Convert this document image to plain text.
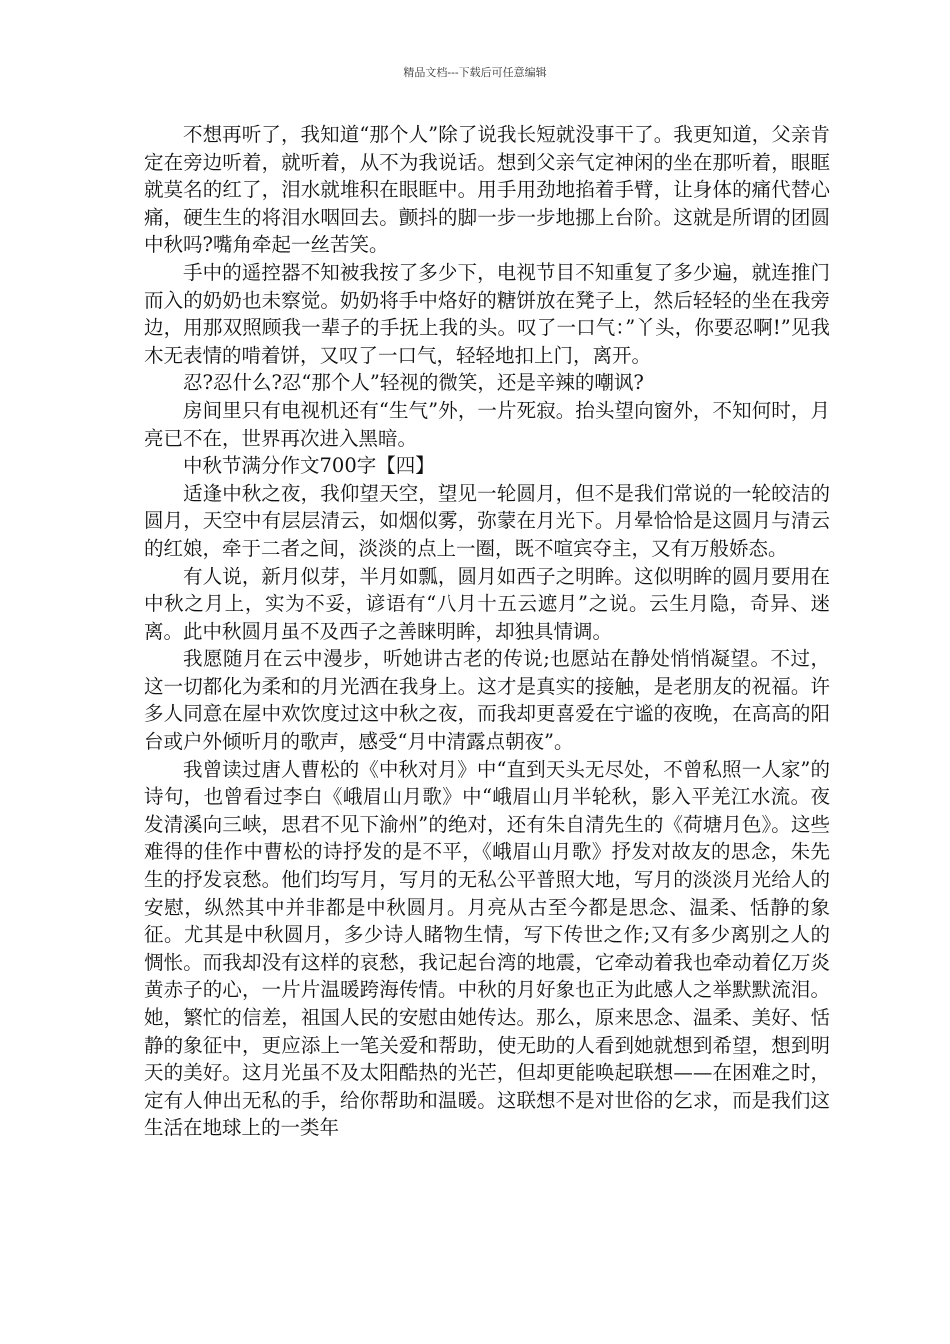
精品文档---下载后可任意编辑

不想再听了，我知道“那个人”除了说我长短就没事干了。我更知道，父亲肯定在旁边听着，就听着，从不为我说话。想到父亲气定神闲的坐在那听着，眼眶就莫名的红了，泪水就堆积在眼眶中。用手用劲地掐着手臂，让身体的痛代替心痛，硬生生的将泪水咽回去。颤抖的脚一步一步地挪上台阶。这就是所谓的团圆中秋吗?嘴角牵起一丝苦笑。

手中的遥控器不知被我按了多少下，电视节目不知重复了多少遍，就连推门而入的奶奶也未察觉。奶奶将手中烙好的糖饼放在凳子上，然后轻轻的坐在我旁边，用那双照顾我一辈子的手抚上我的头。叹了一口气：”丫头，你要忍啊!”见我木无表情的啃着饼，又叹了一口气，轻轻地扣上门，离开。

忍?忍什么?忍“那个人”轻视的微笑，还是辛辣的嘲讽?

房间里只有电视机还有“生气”外，一片死寂。抬头望向窗外，不知何时，月亮已不在，世界再次进入黑暗。

中秋节满分作文700字【四】

适逢中秋之夜，我仰望天空，望见一轮圆月，但不是我们常说的一轮皎洁的圆月，天空中有层层清云，如烟似雾，弥蒙在月光下。月晕恰恰是这圆月与清云的红娘，牵于二者之间，淡淡的点上一圈，既不喧宾夺主，又有万般娇态。

有人说，新月似芽，半月如瓢，圆月如西子之明眸。这似明眸的圆月要用在中秋之月上，实为不妥，谚语有“八月十五云遮月”之说。云生月隐，奇异、迷离。此中秋圆月虽不及西子之善睐明眸，却独具情调。

我愿随月在云中漫步，听她讲古老的传说;也愿站在静处悄悄凝望。不过，这一切都化为柔和的月光洒在我身上。这才是真实的接触，是老朋友的祝福。许多人同意在屋中欢饮度过这中秋之夜，而我却更喜爱在宁谧的夜晚，在高高的阳台或户外倾听月的歌声，感受“月中清露点朝夜”。

我曾读过唐人曹松的《中秋对月》中“直到天头无尽处，不曾私照一人家”的诗句，也曾看过李白《峨眉山月歌》中“峨眉山月半轮秋，影入平羌江水流。夜发清溪向三峡，思君不见下渝州”的绝对，还有朱自清先生的《荷塘月色》。这些难得的佳作中曹松的诗抒发的是不平，《峨眉山月歌》抒发对故友的思念，朱先生的抒发哀愁。他们均写月，写月的无私公平普照大地，写月的淡淡月光给人的安慰，纵然其中并非都是中秋圆月。月亮从古至今都是思念、温柔、恬静的象征。尤其是中秋圆月，多少诗人睹物生情，写下传世之作;又有多少离别之人的惆怅。而我却没有这样的哀愁，我记起台湾的地震，它牵动着我也牵动着亿万炎黄赤子的心，一片片温暖跨海传情。中秋的月好象也正为此感人之举默默流泪。她，繁忙的信差，祖国人民的安慰由她传达。那么，原来思念、温柔、美好、恬静的象征中，更应添上一笔关爱和帮助，使无助的人看到她就想到希望，想到明天的美好。这月光虽不及太阳酷热的光芒，但却更能唤起联想——在困难之时，定有人伸出无私的手，给你帮助和温暖。这联想不是对世俗的乞求，而是我们这生活在地球上的一类年
